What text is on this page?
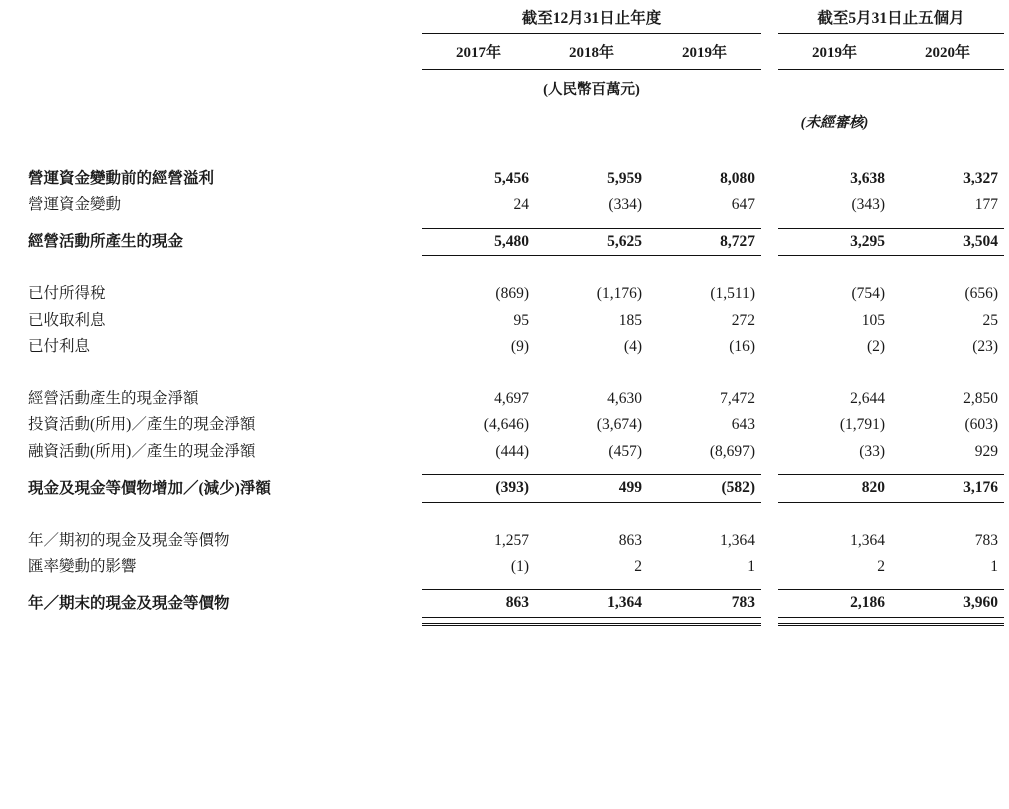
	截至12月31日止年度				截至5月31日止五個月	

	2017年	2018年	2019年		2019年	2020年

	(人民幣百萬元)					
					(未經審核)	

營運資金變動前的經營溢利	5,456	5,959	8,080		3,638	3,327
營運資金變動	24	(334)	647		(343)	177

經營活動所產生的現金	5,480	5,625	8,727		3,295	3,504

已付所得稅	(869)	(1,176)	(1,511)		(754)	(656)
已收取利息	95	185	272		105	25
已付利息	(9)	(4)	(16)		(2)	(23)

經營活動產生的現金淨額	4,697	4,630	7,472		2,644	2,850
投資活動(所用)／產生的現金淨額	(4,646)	(3,674)	643		(1,791)	(603)
融資活動(所用)／產生的現金淨額	(444)	(457)	(8,697)		(33)	929

現金及現金等價物增加／(減少)淨額	(393)	499	(582)		820	3,176

年／期初的現金及現金等價物	1,257	863	1,364		1,364	783
匯率變動的影響	(1)	2	1		2	1

年／期末的現金及現金等價物	863	1,364	783		2,186	3,960
